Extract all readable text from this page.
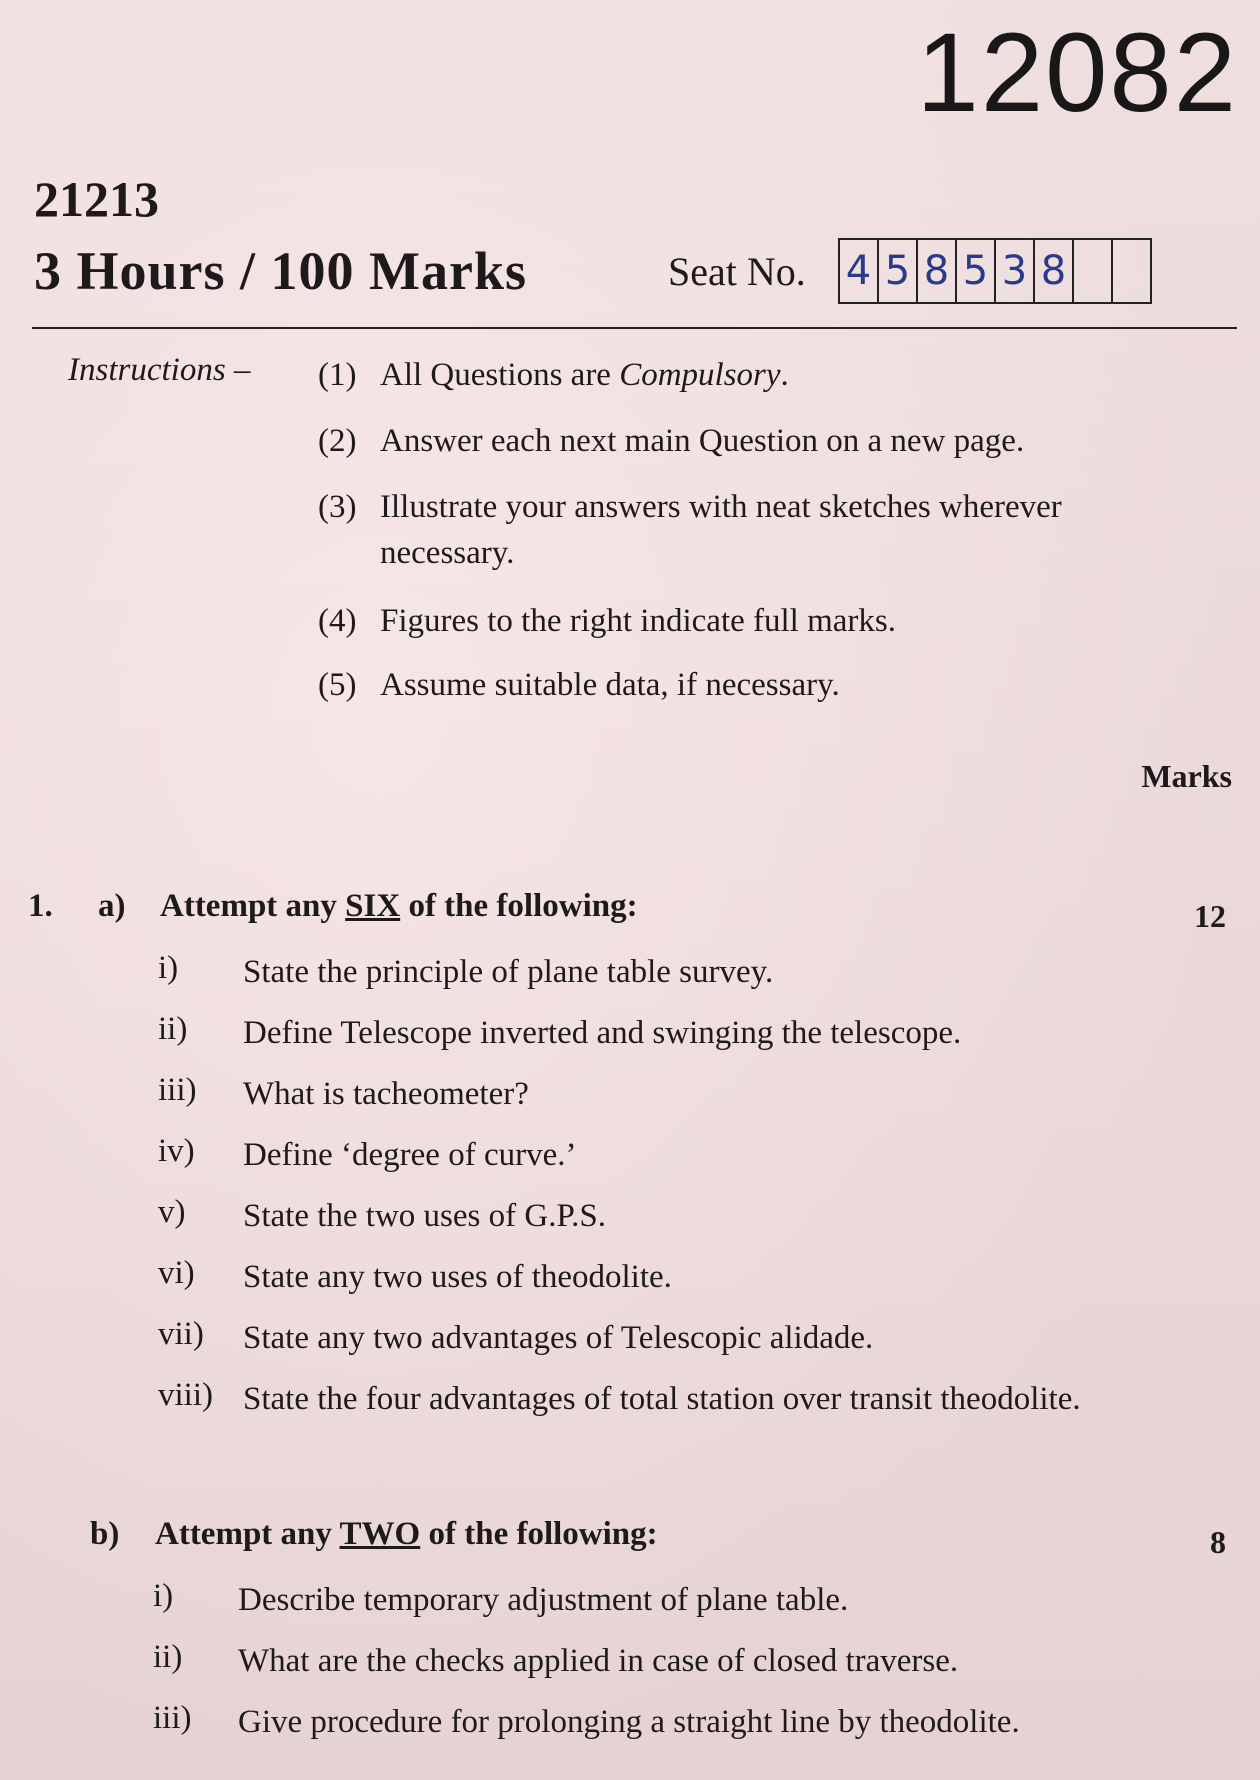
12082
21213
3 Hours / 100 Marks	Seat No. 4 5 8 5 3 8
Instructions – (1) All Questions are Compulsory.
(2) Answer each next main Question on a new page.
(3) Illustrate your answers with neat sketches wherever necessary.
(4) Figures to the right indicate full marks.
(5) Assume suitable data, if necessary.
Marks
1. a) Attempt any SIX of the following:	12
i) State the principle of plane table survey.
ii) Define Telescope inverted and swinging the telescope.
iii) What is tacheometer?
iv) Define ‘degree of curve.’
v) State the two uses of G.P.S.
vi) State any two uses of theodolite.
vii) State any two advantages of Telescopic alidade.
viii) State the four advantages of total station over transit theodolite.
b) Attempt any TWO of the following:	8
i) Describe temporary adjustment of plane table.
ii) What are the checks applied in case of closed traverse.
iii) Give procedure for prolonging a straight line by theodolite.
